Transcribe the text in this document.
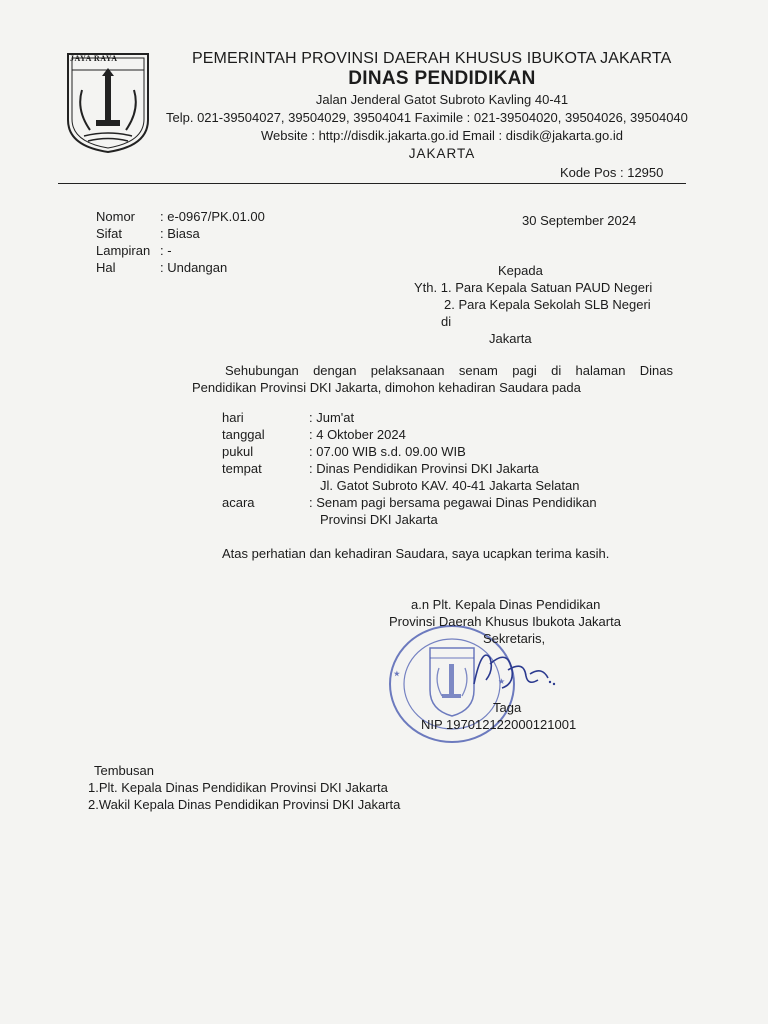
JAYA RAYA	PEMERINTAH PROVINSI DAERAH KHUSUS IBUKOTA JAKARTA
DINAS PENDIDIKAN
Jalan Jenderal Gatot Subroto Kavling 40-41
Telp. 021-39504027, 39504029, 39504041 Faximile : 021-39504020, 39504026, 39504040
Website : http://disdik.jakarta.go.id Email : disdik@jakarta.go.id
JAKARTA
Kode Pos : 12950
Nomor : e-0967/PK.01.00
Sifat	: Biasa
Lampiran : -
Hal	: Undangan
30 September 2024
Kepada
Yth. 1. Para Kepala Satuan PAUD Negeri
2. Para Kepala Sekolah SLB Negeri
di
Jakarta
Sehubungan dengan pelaksanaan senam pagi di halaman Dinas
Pendidikan Provinsi DKI Jakarta, dimohon kehadiran Saudara pada
hari	: Jum'at
tanggal	: 4 Oktober 2024
pukul	: 07.00 WIB s.d. 09.00 WIB
tempat	: Dinas Pendidikan Provinsi DKI Jakarta
Jl. Gatot Subroto KAV. 40-41 Jakarta Selatan
acara	: Senam pagi bersama pegawai Dinas Pendidikan
Provinsi DKI Jakarta
Atas perhatian dan kehadiran Saudara, saya ucapkan terima kasih.
★
★
a.n Plt. Kepala Dinas Pendidikan
Provinsi Daerah Khusus Ibukota Jakarta
Sekretaris,
Taga
NIP 197012122000121001
Tembusan
1.Plt. Kepala Dinas Pendidikan Provinsi DKI Jakarta
2.Wakil Kepala Dinas Pendidikan Provinsi DKI Jakarta
